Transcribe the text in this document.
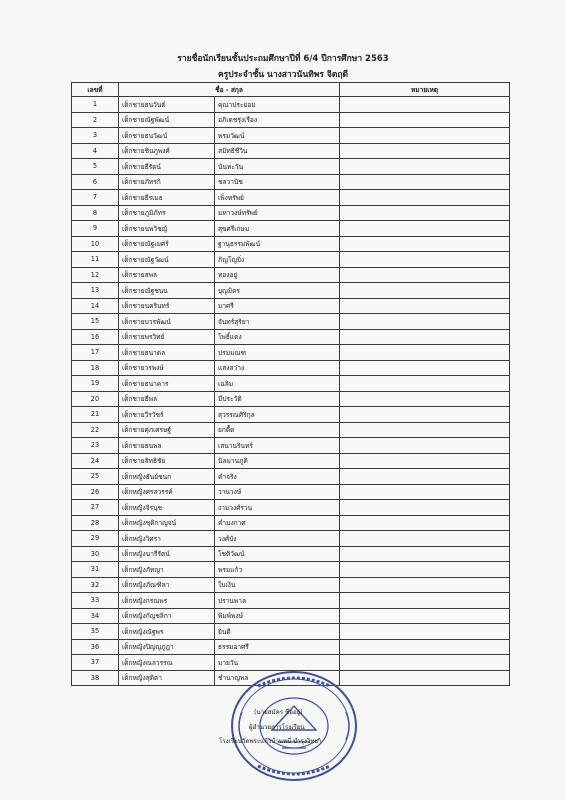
รายชื่อนักเรียนชั้นประถมศึกษาปีที่ 6/4 ปีการศึกษา 2563
ครูประจำชั้น นางสาวนันทิพร จิตฤดี
เลขที่	ชื่อ - สกุล		หมายเหตุ
1	เด็กชายธนวันต์	คุณาประยอม	
2	เด็กชายณัฐพัฒน์	อภิเดชรุ่งเรือง	
3	เด็กชายธนวัฒน์	พรมวัฒน์	
4	เด็กชายชินภูพงศ์	สมิทธิชีวิน	
5	เด็กชายธีรัตน์	นันทะวัน	
6	เด็กชายภัทรกิ	ชลวานิช	
7	เด็กชายธีรเมธ	เพ็งทรัพย์	
8	เด็กชายภูมิภัทร	มหาวงษ์ทรัพย์	
9	เด็กชายนพวิชญ์	สุขศรีเกษม	
10	เด็กชายณัฐเมศร์	ฐานุธรรมพัฒน์	
11	เด็กชายณัฐวัฒน์	ภิญโญยิ่ง	
12	เด็กชายสพล	ทองอยู่	
13	เด็กชายณัฐชนน	บุญมิตร	
14	เด็กชายนครินทร์	มาศรี	
15	เด็กชายบวรพัฒน์	จันทร์สุริยา	
16	เด็กชายพรวิทย์	โพธิ์แดง	
17	เด็กชายธนาดล	ปรมมณฑ	
18	เด็กชายวรพงษ์	แสงสว่าง	
19	เด็กชายธนาคาร	เฉลิม	
20	เด็กชายธีพล	มีประวัติ	
21	เด็กชายวีรวัชร์	สุวรรณศิริกุล	
22	เด็กชายศุภเศรษฐ์	ยกตื้ด	
23	เด็กชายธนพล	เสนานรินทร์	
24	เด็กชายสิทธิชัย	นิลมานภูติ	
25	เด็กหญิงธันย์ชนก	คำจริง	
26	เด็กหญิงศรสวรรค์	วานวงษ์	
27	เด็กหญิงจิรนุช	งามวงศ์รวน	
28	เด็กหญิงชุติกาญจน์	คำมงกาศ	
29	เด็กหญิงวิศรา	วงศ์บัง	
30	เด็กหญิงนารีรัตน์	โชติวัฒน์	
31	เด็กหญิงภัทญา	พรมแก้ว	
32	เด็กหญิงภัณฑิลา	ใบเงิน	
33	เด็กหญิงกรณพร	ปรานพาล	
34	เด็กหญิงกัญชลิกา	พิมพ์พงษ์	
35	เด็กหญิงณัฐพร	ยินดี	
36	เด็กหญิงปิญญภูฎา	ธรรมอาศรี	
37	เด็กหญิงณลวรรณ	มายวัน	
38	เด็กหญิงสุดิตา	ชำนาญพล	
(นายสมัคร ชื่ออยู่)
ผู้อำนวยการโรงเรียน
โรงเรียนวัดพระแก้วบ้านหมี่ บำรุงวิทยา
